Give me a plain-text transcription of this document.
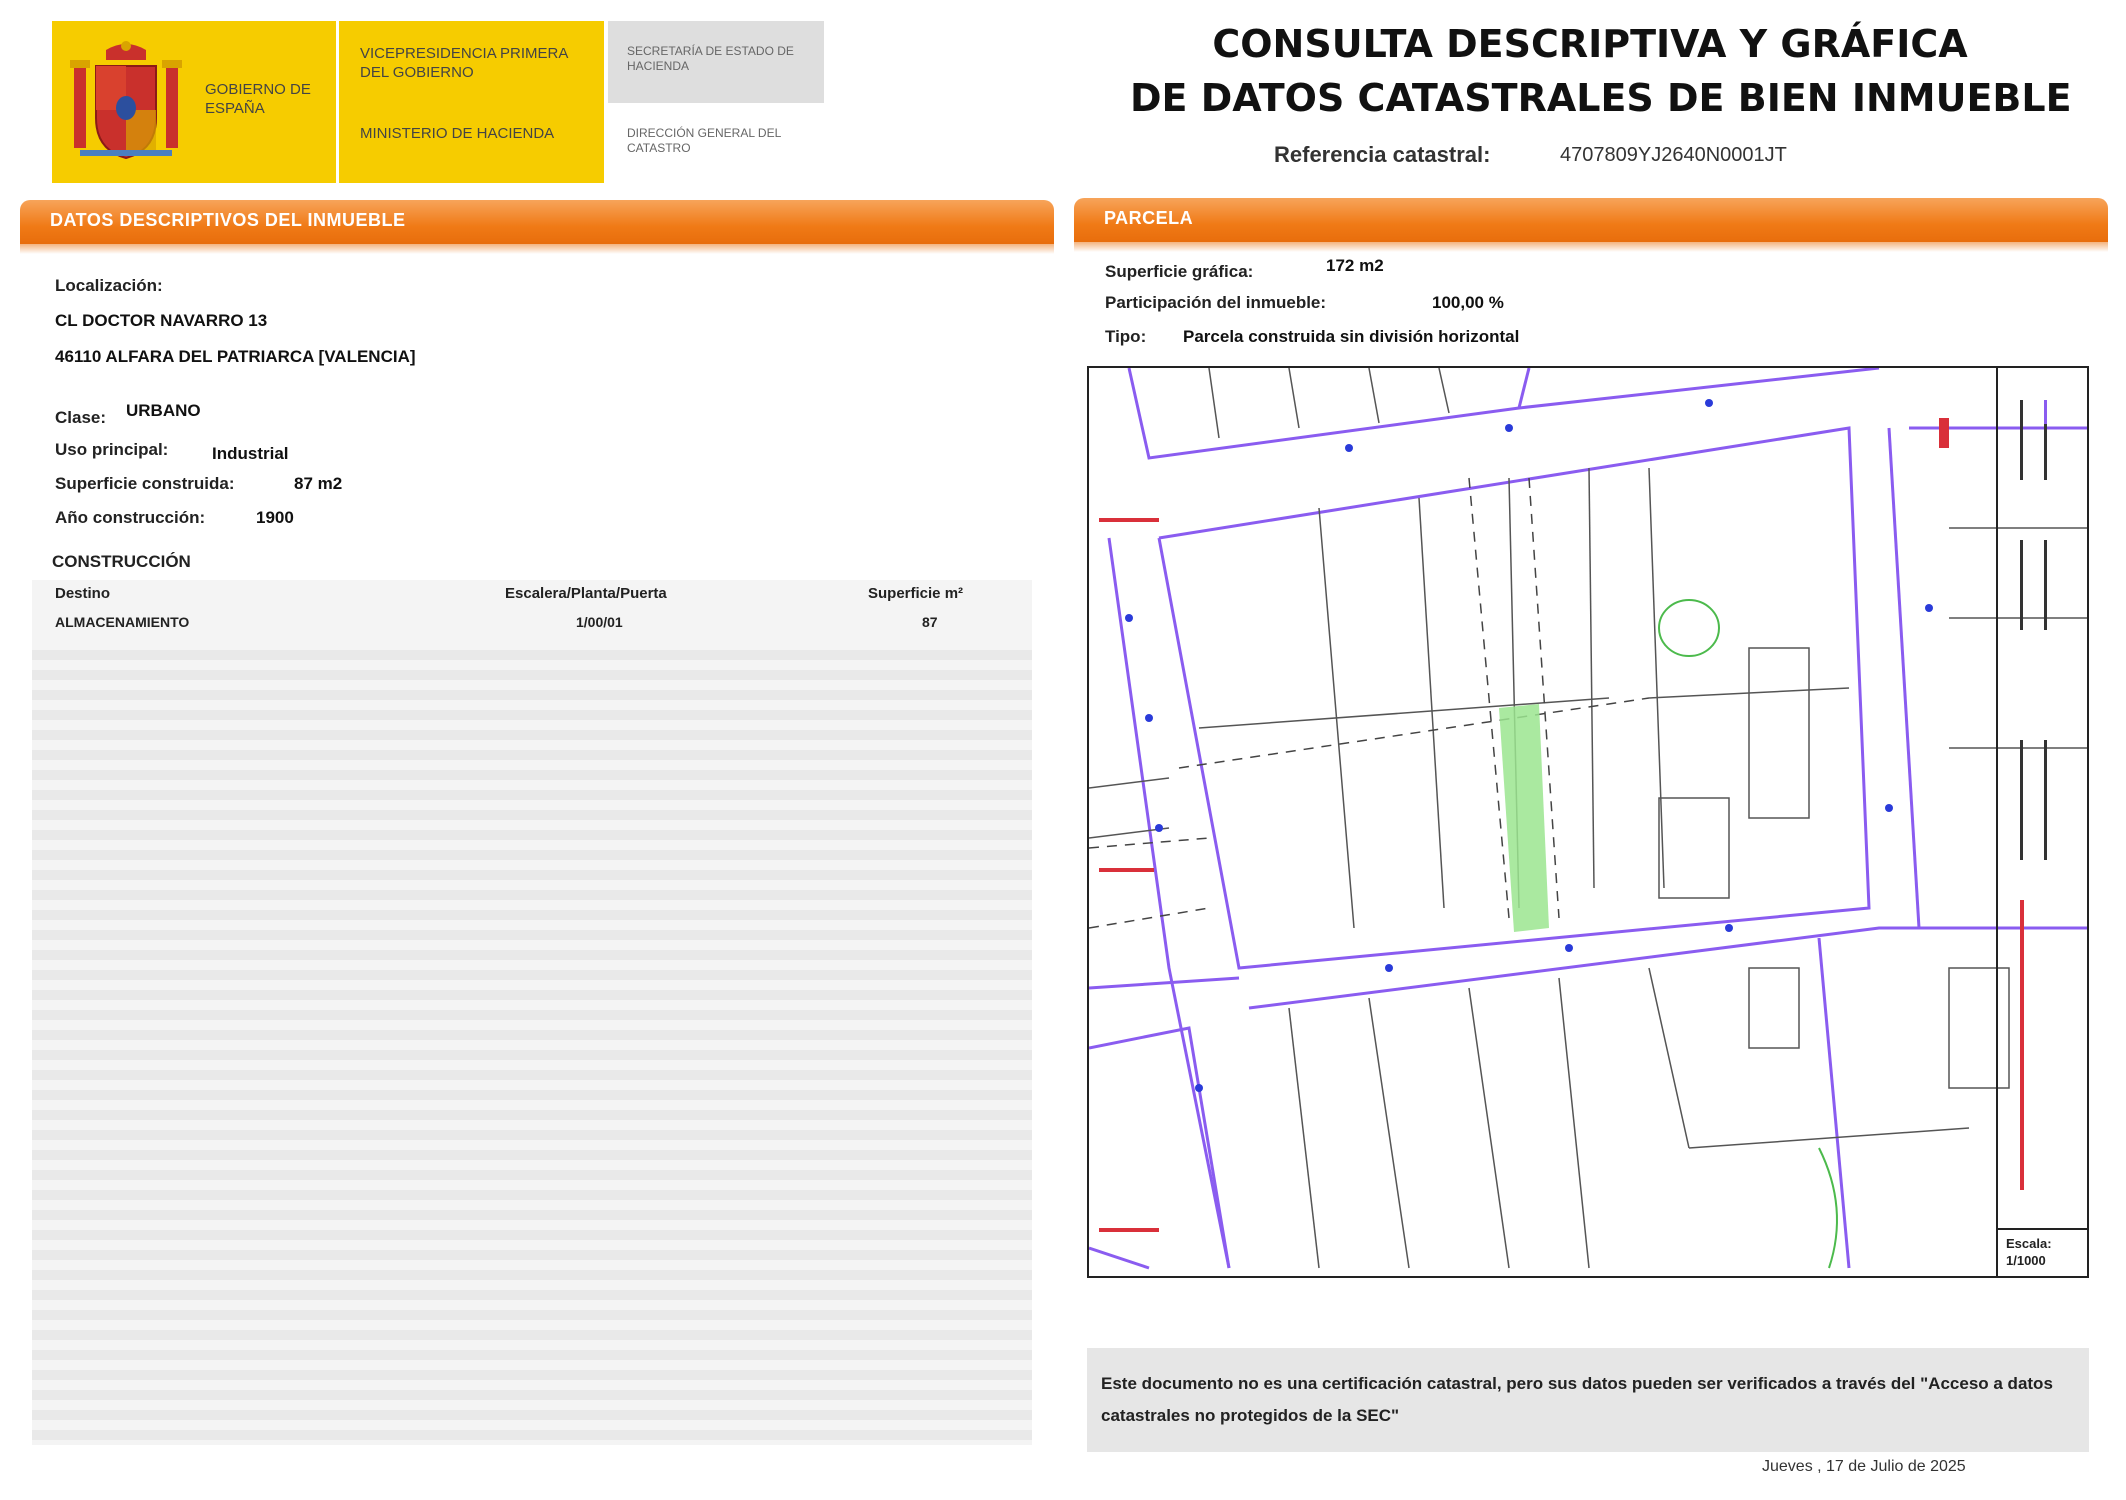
GOBIERNO DE ESPAÑA
VICEPRESIDENCIA PRIMERA DEL GOBIERNO
MINISTERIO DE HACIENDA
SECRETARÍA DE ESTADO DE HACIENDA
DIRECCIÓN GENERAL DEL CATASTRO
CONSULTA DESCRIPTIVA Y GRÁFICA
DE DATOS CATASTRALES DE BIEN INMUEBLE
Referencia catastral:	4707809YJ2640N0001JT
DATOS DESCRIPTIVOS DEL INMUEBLE
Localización:
CL DOCTOR NAVARRO 13
46110 ALFARA DEL PATRIARCA [VALENCIA]
Clase: URBANO
Uso principal:	Industrial
Superficie construida:	87 m2
Año construcción:	1900
CONSTRUCCIÓN
Destino	Escalera/Planta/Puerta	Superficie m²
ALMACENAMIENTO	1/00/01	87
PARCELA
Superficie gráfica:	172 m2
Participación del inmueble:	100,00 %
Tipo: Parcela construida sin división horizontal
Escala:
1/1000
Este documento no es una certificación catastral, pero sus datos pueden ser verificados a través del "Acceso a datos catastrales no protegidos de la SEC"
Jueves , 17 de Julio de 2025
